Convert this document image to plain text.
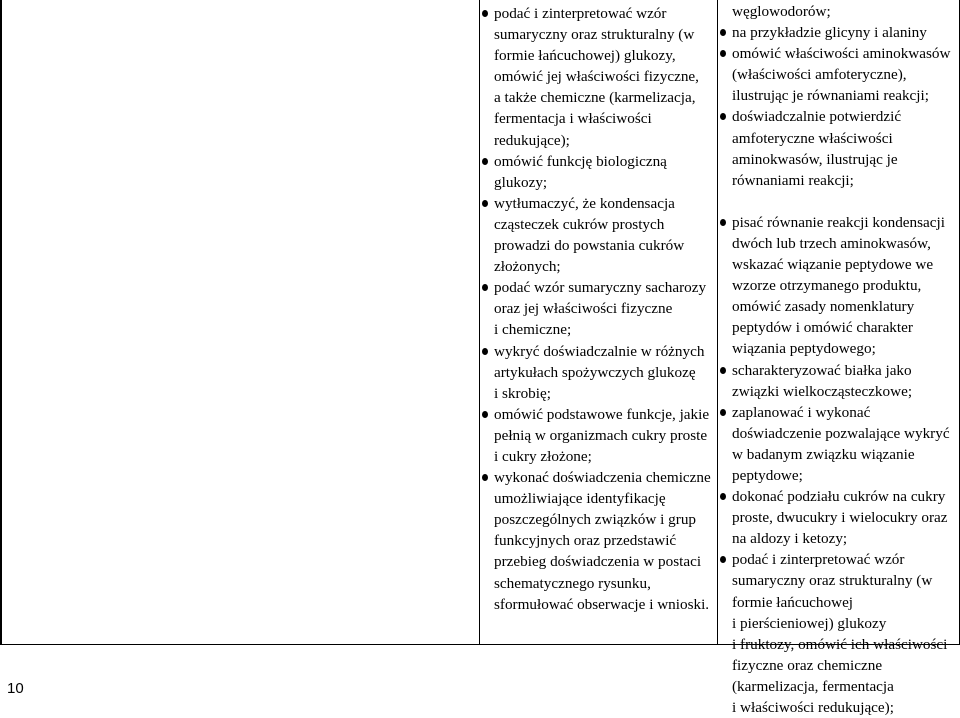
podać i zinterpretować wzór
sumaryczny oraz strukturalny (w
formie łańcuchowej) glukozy,
omówić jej właściwości fizyczne,
a także chemiczne (karmelizacja,
fermentacja i właściwości
redukujące);
omówić funkcję biologiczną
glukozy;
wytłumaczyć, że kondensacja
cząsteczek cukrów prostych
prowadzi do powstania cukrów
złożonych;
podać wzór sumaryczny sacharozy
oraz jej właściwości fizyczne
i chemiczne;
wykryć doświadczalnie w różnych
artykułach spożywczych glukozę
i skrobię;
omówić podstawowe funkcje, jakie
pełnią w organizmach cukry proste
i cukry złożone;
wykonać doświadczenia chemiczne
umożliwiające identyfikację
poszczególnych związków i grup
funkcyjnych oraz przedstawić
przebieg doświadczenia w postaci
schematycznego rysunku,
sformułować obserwacje i wnioski.
węglowodorów;
na przykładzie glicyny i alaniny
omówić właściwości aminokwasów
(właściwości amfoteryczne),
ilustrując je równaniami reakcji;
doświadczalnie potwierdzić
amfoteryczne właściwości
aminokwasów, ilustrując je
równaniami reakcji;
pisać równanie reakcji kondensacji
dwóch lub trzech aminokwasów,
wskazać wiązanie peptydowe we
wzorze otrzymanego produktu,
omówić zasady nomenklatury
peptydów i omówić charakter
wiązania peptydowego;
scharakteryzować białka jako
związki wielkocząsteczkowe;
zaplanować i wykonać
doświadczenie pozwalające wykryć
w badanym związku wiązanie
peptydowe;
dokonać podziału cukrów na cukry
proste, dwucukry i wielocukry oraz
na aldozy i ketozy;
podać i zinterpretować wzór
sumaryczny oraz strukturalny (w
formie łańcuchowej
i pierścieniowej) glukozy
i fruktozy, omówić ich właściwości
fizyczne oraz chemiczne
(karmelizacja, fermentacja
i właściwości redukujące);
10
